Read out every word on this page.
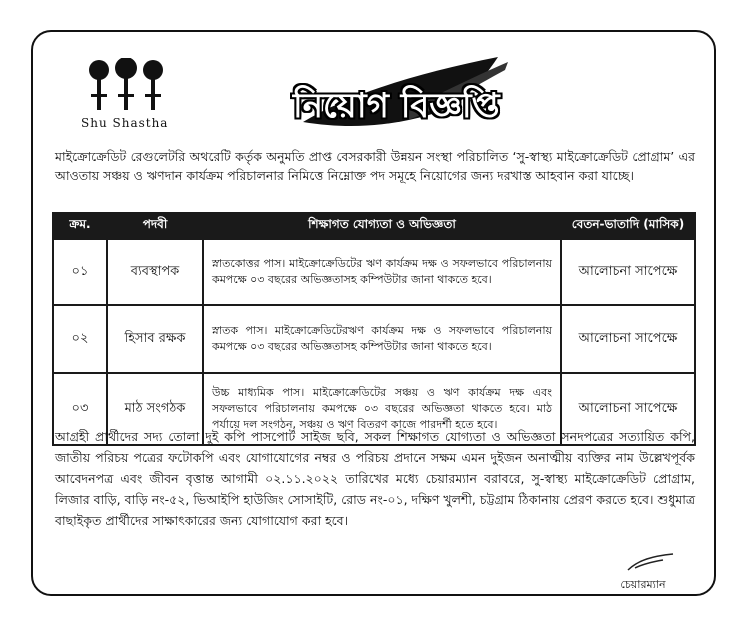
Shu Shastha	নিয়োগ বিজ্ঞপ্তি
মাইক্রোক্রেডিট রেগুলেটরি অথরেটি কর্তৃক অনুমতি প্রাপ্ত বেসরকারী উন্নয়ন সংস্থা পরিচালিত ‘সু-স্বাস্থ্য মাইক্রোক্রেডিট প্রোগ্রাম’ এর আওতায় সঞ্চয় ও ঋণদান কার্যক্রম পরিচালনার নিমিত্তে নিম্নোক্ত পদ সমূহে নিয়োগের জন্য দরখাস্ত আহবান করা যাচ্ছে।
ক্রম.	পদবী	শিক্ষাগত যোগ্যতা ও অভিজ্ঞতা	বেতন-ভাতাদি (মাসিক)
০১	ব্যবস্থাপক	স্নাতকোত্তর পাস। মাইক্রোক্রেডিটের ঋণ কার্যক্রম দক্ষ ও সফলভাবে পরিচালনায় কমপক্ষে ০৩ বছরের অভিজ্ঞতাসহ কম্পিউটার জানা থাকতে হবে।	আলোচনা সাপেক্ষে
০২	হিসাব রক্ষক	স্নাতক পাস। মাইক্রোক্রেডিটেরঋণ কার্যক্রম দক্ষ ও সফলভাবে পরিচালনায় কমপক্ষে ০৩ বছরের অভিজ্ঞতাসহ কম্পিউটার জানা থাকতে হবে।	আলোচনা সাপেক্ষে
০৩	মাঠ সংগঠক	উচ্চ মাধ্যমিক পাস। মাইক্রোক্রেডিটের সঞ্চয় ও ঋণ কার্যক্রম দক্ষ এবং সফলভাবে পরিচালনায় কমপক্ষে ০৩ বছরের অভিজ্ঞতা থাকতে হবে। মাঠ পর্যায়ে দল সংগঠন, সঞ্চয় ও ঋণ বিতরণ কাজে পারদর্শী হতে হবে।	আলোচনা সাপেক্ষে
আগ্রহী প্রার্থীদের সদ্য তোলা দুই কপি পাসপোর্ট সাইজ ছবি, সকল শিক্ষাগত যোগ্যতা ও অভিজ্ঞতা সনদপত্রের সত্যায়িত কপি, জাতীয় পরিচয় পত্রের ফটোকপি এবং যোগাযোগের নম্বর ও পরিচয় প্রদানে সক্ষম এমন দুইজন অনাত্মীয় ব্যক্তির নাম উল্লেখপূর্বক আবেদনপত্র এবং জীবন বৃত্তান্ত আগামী ০২.১১.২০২২ তারিখের মধ্যে চেয়ারম্যান বরাবরে, সু-স্বাস্থ্য মাইক্রোক্রেডিট প্রোগ্রাম, লিজার বাড়ি, বাড়ি নং-৫২, ভিআইপি হাউজিং সোসাইটি, রোড নং-০১, দক্ষিণ খুলশী, চট্টগ্রাম ঠিকানায় প্রেরণ করতে হবে। শুধুমাত্র বাছাইকৃত প্রার্থীদের সাক্ষাৎকারের জন্য যোগাযোগ করা হবে।
চেয়ারম্যান
